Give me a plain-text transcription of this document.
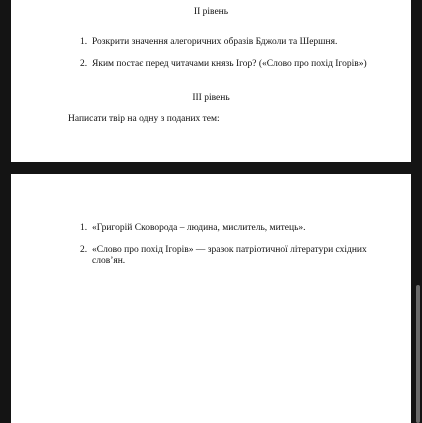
ІІ рівень
1. Розкрити значення алегоричних образів Бджоли та Шершня.
2. Яким постає перед читачами князь Ігор? («Слово про похід Ігорів»)
ІІІ рівень
Написати твір на одну з поданих тем:
1. «Григорій Сковорода – людина, мислитель, митець».
2. «Слово про похід Ігорів» — зразок патріотичної літератури східних слов’ян.
